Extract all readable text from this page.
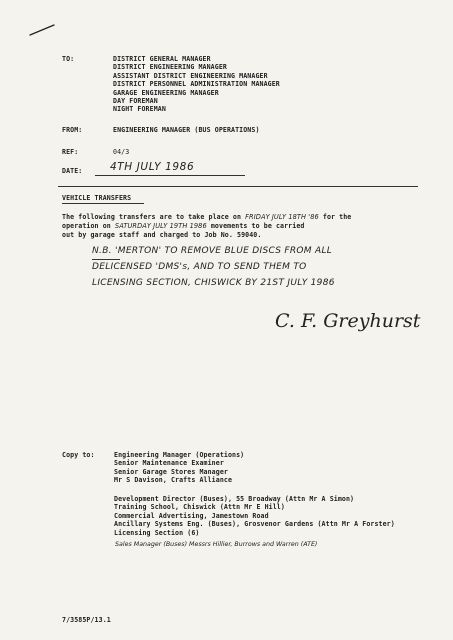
TO:	DISTRICT GENERAL MANAGER
DISTRICT ENGINEERING MANAGER
ASSISTANT DISTRICT ENGINEERING MANAGER
DISTRICT PERSONNEL ADMINISTRATION MANAGER
GARAGE ENGINEERING MANAGER
DAY FOREMAN
NIGHT FOREMAN
FROM:	ENGINEERING MANAGER (BUS OPERATIONS)
REF:	04/3
DATE:	4TH JULY 1986
VEHICLE TRANSFERS
The following transfers are to take place on FRIDAY JULY 18TH '86 for the
operation on SATURDAY JULY 19TH 1986 movements to be carried
out by garage staff and charged to Job No. 59040.
N.B. 'MERTON' TO REMOVE BLUE DISCS FROM ALL
DELICENSED 'DMS's, AND TO SEND THEM TO
LICENSING SECTION, CHISWICK BY 21ST JULY 1986
C. F. Greyhurst
Copy to:	Engineering Manager (Operations)
Senior Maintenance Examiner
Senior Garage Stores Manager
Mr S Davison, Crafts Alliance
Development Director (Buses), 55 Broadway (Attn Mr A Simon)
Training School, Chiswick (Attn Mr E Hill)
Commercial Advertising, Jamestown Road
Ancillary Systems Eng. (Buses), Grosvenor Gardens (Attn Mr A Forster)
Licensing Section (6)
Sales Manager (Buses) Messrs Hillier, Burrows and Warren (ATE)
7/3585P/13.1
